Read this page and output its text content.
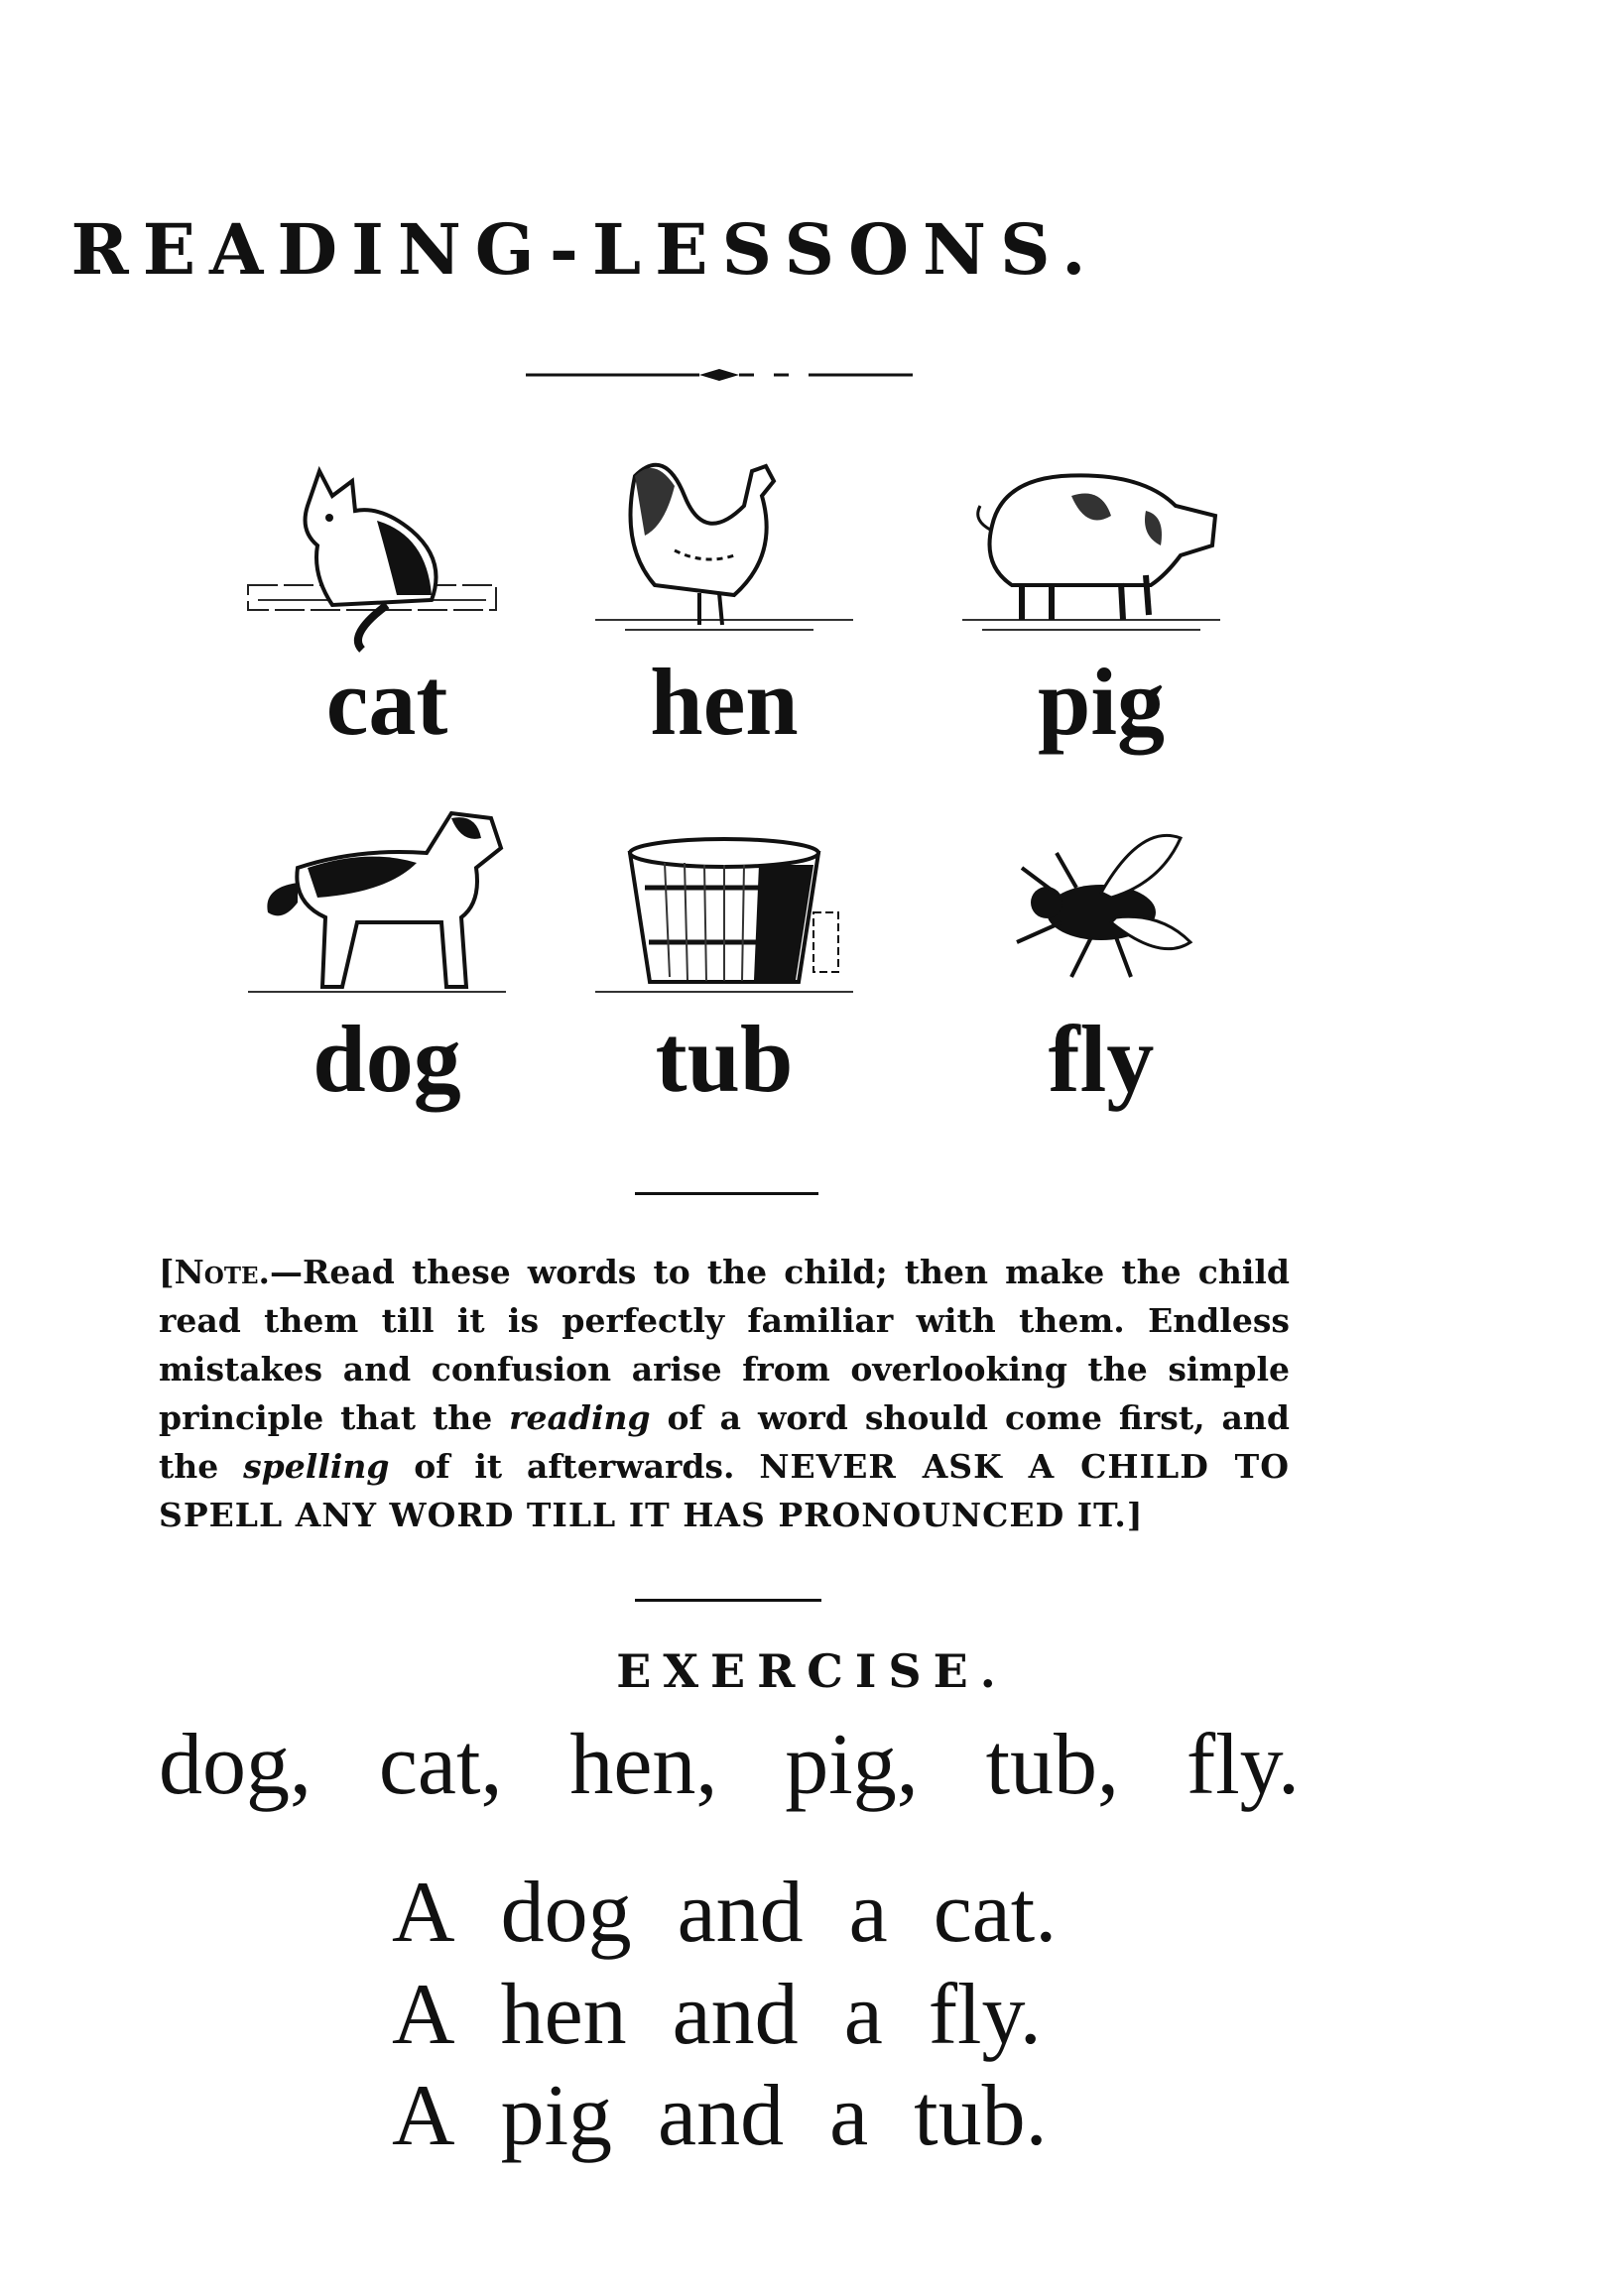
READING-LESSONS.
cat	hen	pig
dog	tub	fly
[Note.—Read these words to the child; then make the child read them till it is perfectly familiar with them. Endless mistakes and confusion arise from overlooking the simple principle that the reading of a word should come first, and the spelling of it afterwards. NEVER ASK A CHILD TO SPELL ANY WORD TILL IT HAS PRONOUNCED IT.]
EXERCISE.
dog, cat, hen, pig, tub, fly.
A dog and a cat.
A hen and a fly.
A pig and a tub.
